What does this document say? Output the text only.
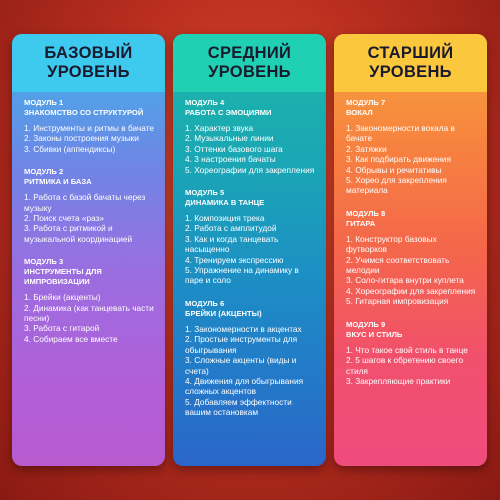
БАЗОВЫЙ
УРОВЕНЬ
МОДУЛЬ 1
ЗНАКОМСТВО СО СТРУКТУРОЙ
1. Инструменты и ритмы в бачате
2. Законы построения музыки
3. Сбивки (аппендиксы)
МОДУЛЬ 2
РИТМИКА И БАЗА
1. Работа с базой бачаты через музыку
2. Поиск счета «раз»
3. Работа с ритмикой и музыкальной координацией
МОДУЛЬ 3
ИНСТРУМЕНТЫ ДЛЯ ИМПРОВИЗАЦИИ
1. Брейки (акценты)
2. Динамика (как танцевать части песни)
3. Работа с гитарой
4. Собираем все вместе
СРЕДНИЙ
УРОВЕНЬ
МОДУЛЬ 4
РАБОТА С ЭМОЦИЯМИ
1. Характер звука
2. Музыкальные линии
3. Оттенки базового шага
4. 3 настроения бачаты
5. Хореографии для закрепления
МОДУЛЬ 5
ДИНАМИКА В ТАНЦЕ
1. Композиция трека
2. Работа с амплитудой
3. Как и когда танцевать насыщенно
4. Тренируем экспрессию
5. Упражнение на динамику в паре и соло
МОДУЛЬ 6
БРЕЙКИ (АКЦЕНТЫ)
1. Закономерности в акцентах
2. Простые инструменты для обыгрывания
3. Сложные акценты (виды и счета)
4. Движения для обыгрывания сложных акцентов
5. Добавляем эффектности вашим остановкам
СТАРШИЙ
УРОВЕНЬ
МОДУЛЬ 7
ВОКАЛ
1. Закономерности вокала в бачате
2. Затяжки
3. Как подбирать движения
4. Обрывы и речитативы
5. Хорео для закрепления материала
МОДУЛЬ 8
ГИТАРА
1. Конструктор базовых футворков
2. Учимся соответствовать мелодии
3. Соло-гитара внутри куплета
4. Хореографии для закрепления
5. Гитарная импровизация
МОДУЛЬ 9
ВКУС И СТИЛЬ
1. Что такое свой стиль в танце
2. 5 шагов к обретению своего стиля
3. Закрепляющие практики
